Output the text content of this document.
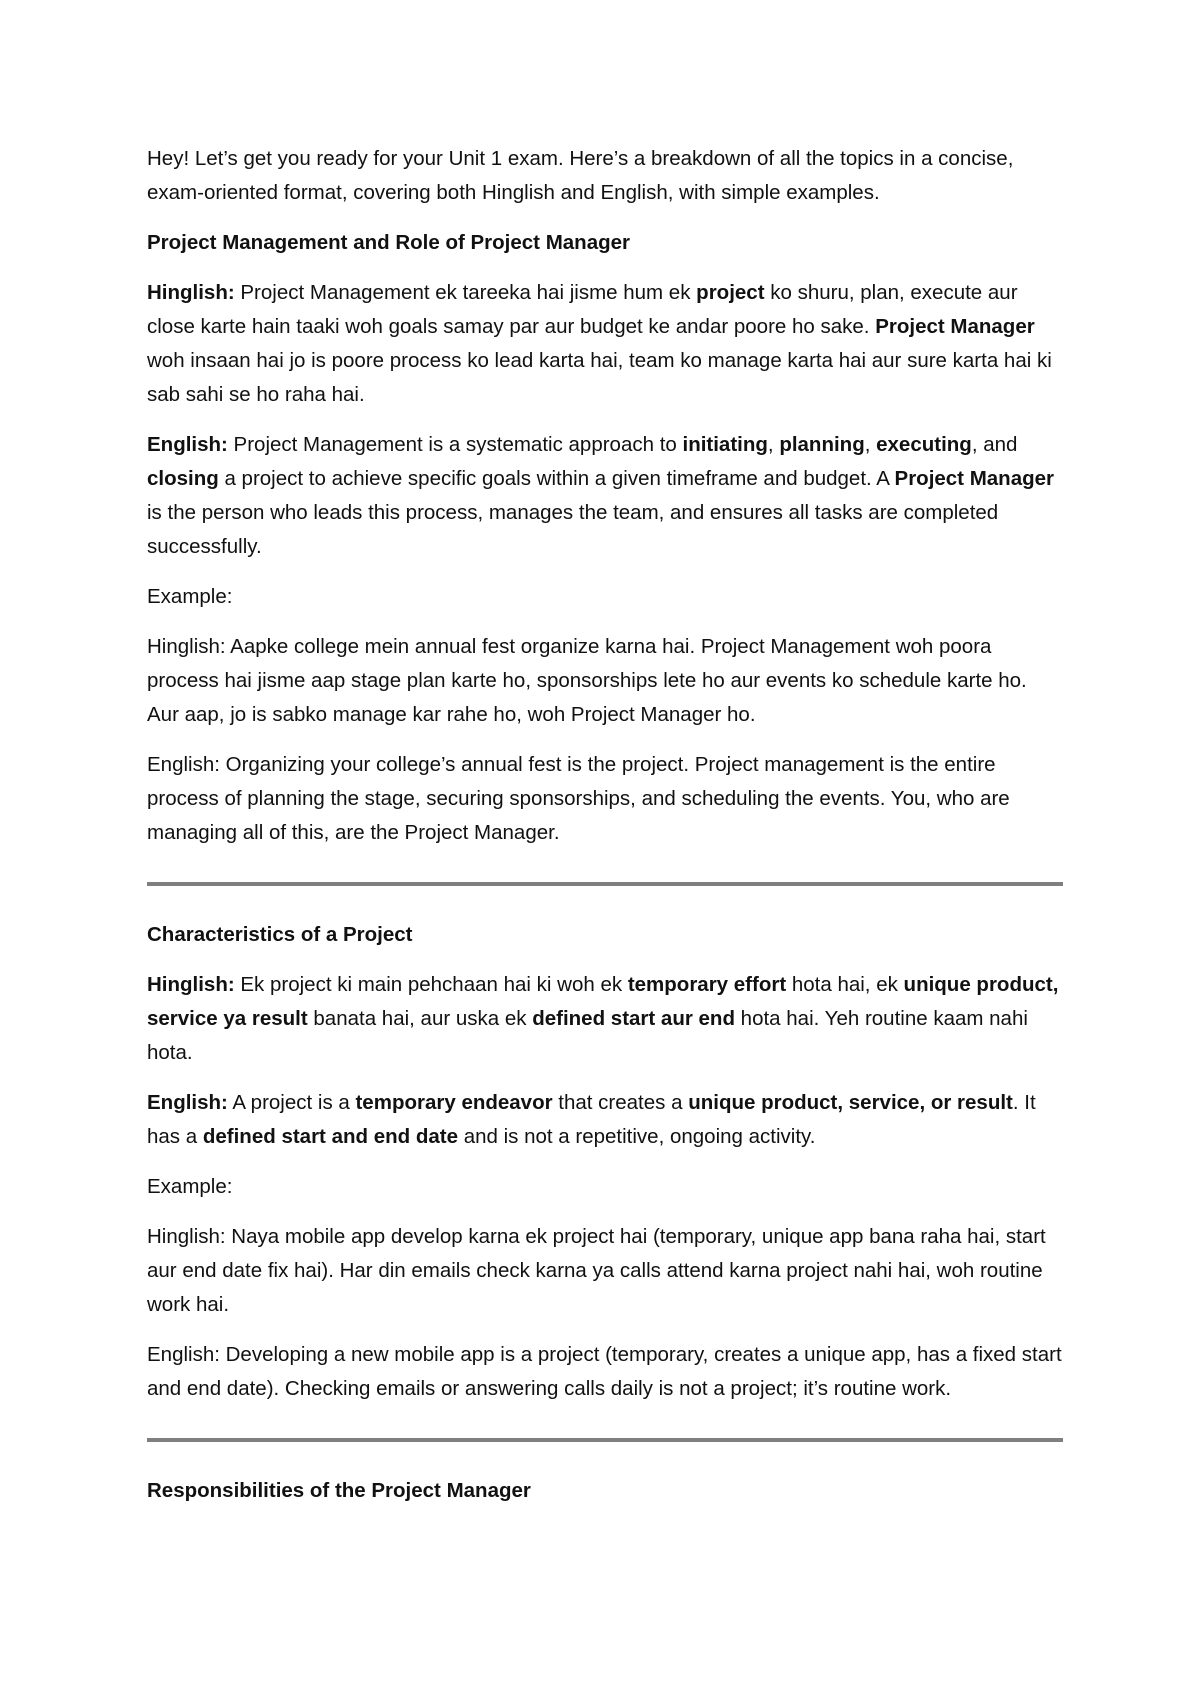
Hey! Let’s get you ready for your Unit 1 exam. Here’s a breakdown of all the topics in a concise, exam-oriented format, covering both Hinglish and English, with simple examples.

Project Management and Role of Project Manager

Hinglish: Project Management ek tareeka hai jisme hum ek project ko shuru, plan, execute aur close karte hain taaki woh goals samay par aur budget ke andar poore ho sake. Project Manager woh insaan hai jo is poore process ko lead karta hai, team ko manage karta hai aur sure karta hai ki sab sahi se ho raha hai.

English: Project Management is a systematic approach to initiating, planning, executing, and closing a project to achieve specific goals within a given timeframe and budget. A Project Manager is the person who leads this process, manages the team, and ensures all tasks are completed successfully.

Example:

Hinglish: Aapke college mein annual fest organize karna hai. Project Management woh poora process hai jisme aap stage plan karte ho, sponsorships lete ho aur events ko schedule karte ho. Aur aap, jo is sabko manage kar rahe ho, woh Project Manager ho.

English: Organizing your college’s annual fest is the project. Project management is the entire process of planning the stage, securing sponsorships, and scheduling the events. You, who are managing all of this, are the Project Manager.

Characteristics of a Project

Hinglish: Ek project ki main pehchaan hai ki woh ek temporary effort hota hai, ek unique product, service ya result banata hai, aur uska ek defined start aur end hota hai. Yeh routine kaam nahi hota.

English: A project is a temporary endeavor that creates a unique product, service, or result. It has a defined start and end date and is not a repetitive, ongoing activity.

Example:

Hinglish: Naya mobile app develop karna ek project hai (temporary, unique app bana raha hai, start aur end date fix hai). Har din emails check karna ya calls attend karna project nahi hai, woh routine work hai.

English: Developing a new mobile app is a project (temporary, creates a unique app, has a fixed start and end date). Checking emails or answering calls daily is not a project; it’s routine work.

Responsibilities of the Project Manager
